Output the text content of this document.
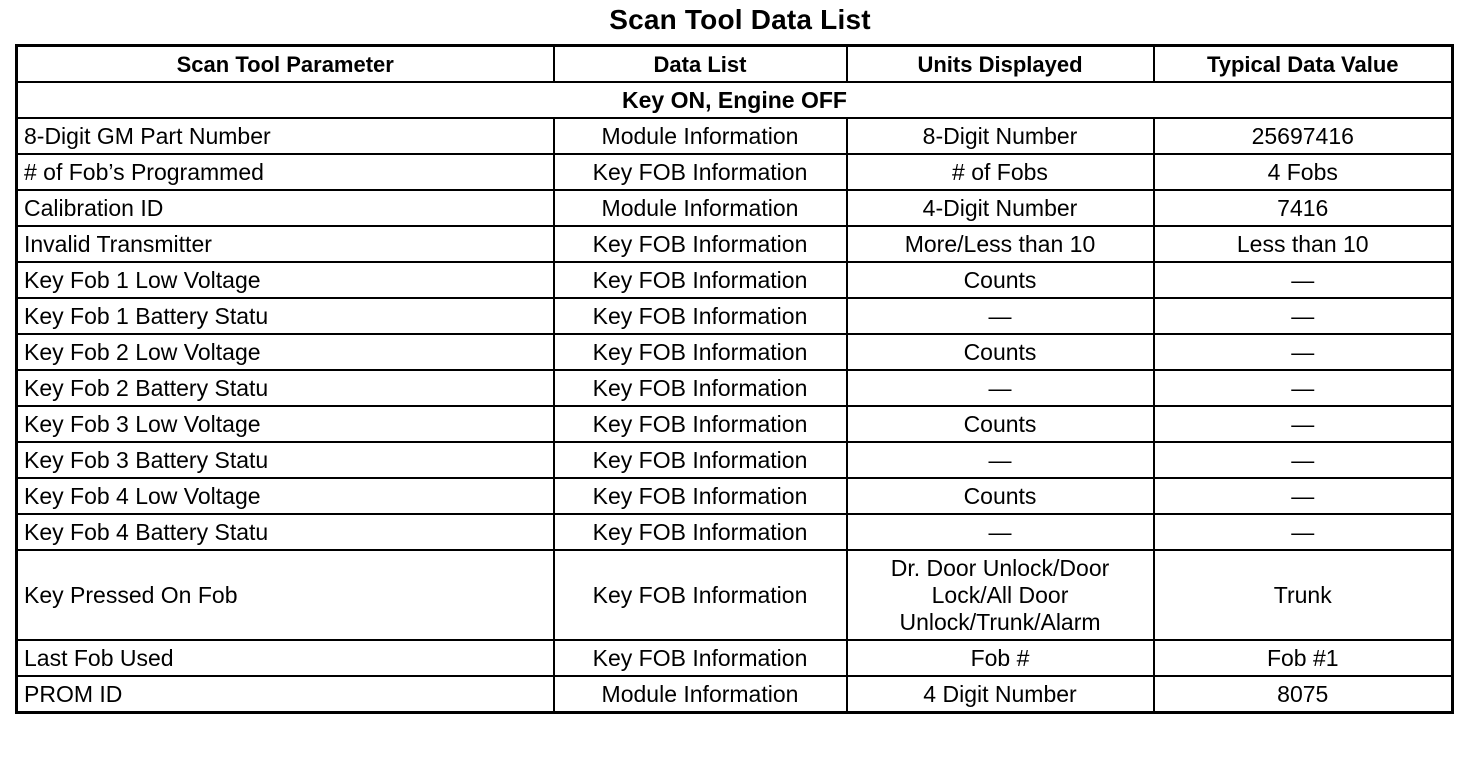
Scan Tool Data List
Scan Tool Parameter	Data List	Units Displayed	Typical Data Value
Key ON, Engine OFF			
8-Digit GM Part Number	Module Information	8-Digit Number	25697416
# of Fob’s Programmed	Key FOB Information	# of Fobs	4 Fobs
Calibration ID	Module Information	4-Digit Number	7416
Invalid Transmitter	Key FOB Information	More/Less than 10	Less than 10
Key Fob 1 Low Voltage	Key FOB Information	Counts	—
Key Fob 1 Battery Statu	Key FOB Information	—	—
Key Fob 2 Low Voltage	Key FOB Information	Counts	—
Key Fob 2 Battery Statu	Key FOB Information	—	—
Key Fob 3 Low Voltage	Key FOB Information	Counts	—
Key Fob 3 Battery Statu	Key FOB Information	—	—
Key Fob 4 Low Voltage	Key FOB Information	Counts	—
Key Fob 4 Battery Statu	Key FOB Information	—	—
Key Pressed On Fob	Key FOB Information	Dr. Door Unlock/Door Lock/All Door Unlock/Trunk/Alarm	Trunk
Last Fob Used	Key FOB Information	Fob #	Fob #1
PROM ID	Module Information	4 Digit Number	8075
